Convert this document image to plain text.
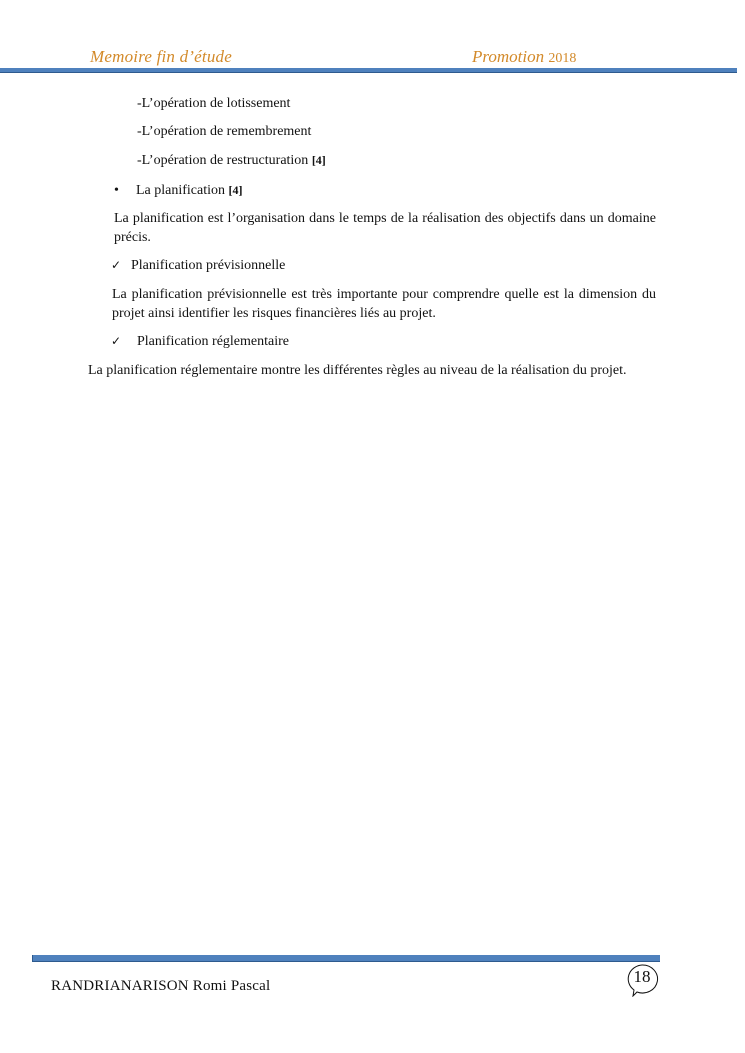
Memoire fin d’étude	Promotion 2018
-L’opération de lotissement
-L’opération de remembrement
-L’opération de restructuration [4]
• La planification [4]
La planification est l’organisation dans le temps de la réalisation des objectifs dans un domaine précis.
✓ Planification prévisionnelle
La planification prévisionnelle est très importante pour comprendre quelle est la dimension du projet ainsi identifier les risques financières liés au projet.
✓ Planification réglementaire
La planification réglementaire montre les différentes règles au niveau de la réalisation du projet.
RANDRIANARISON Romi Pascal	18
